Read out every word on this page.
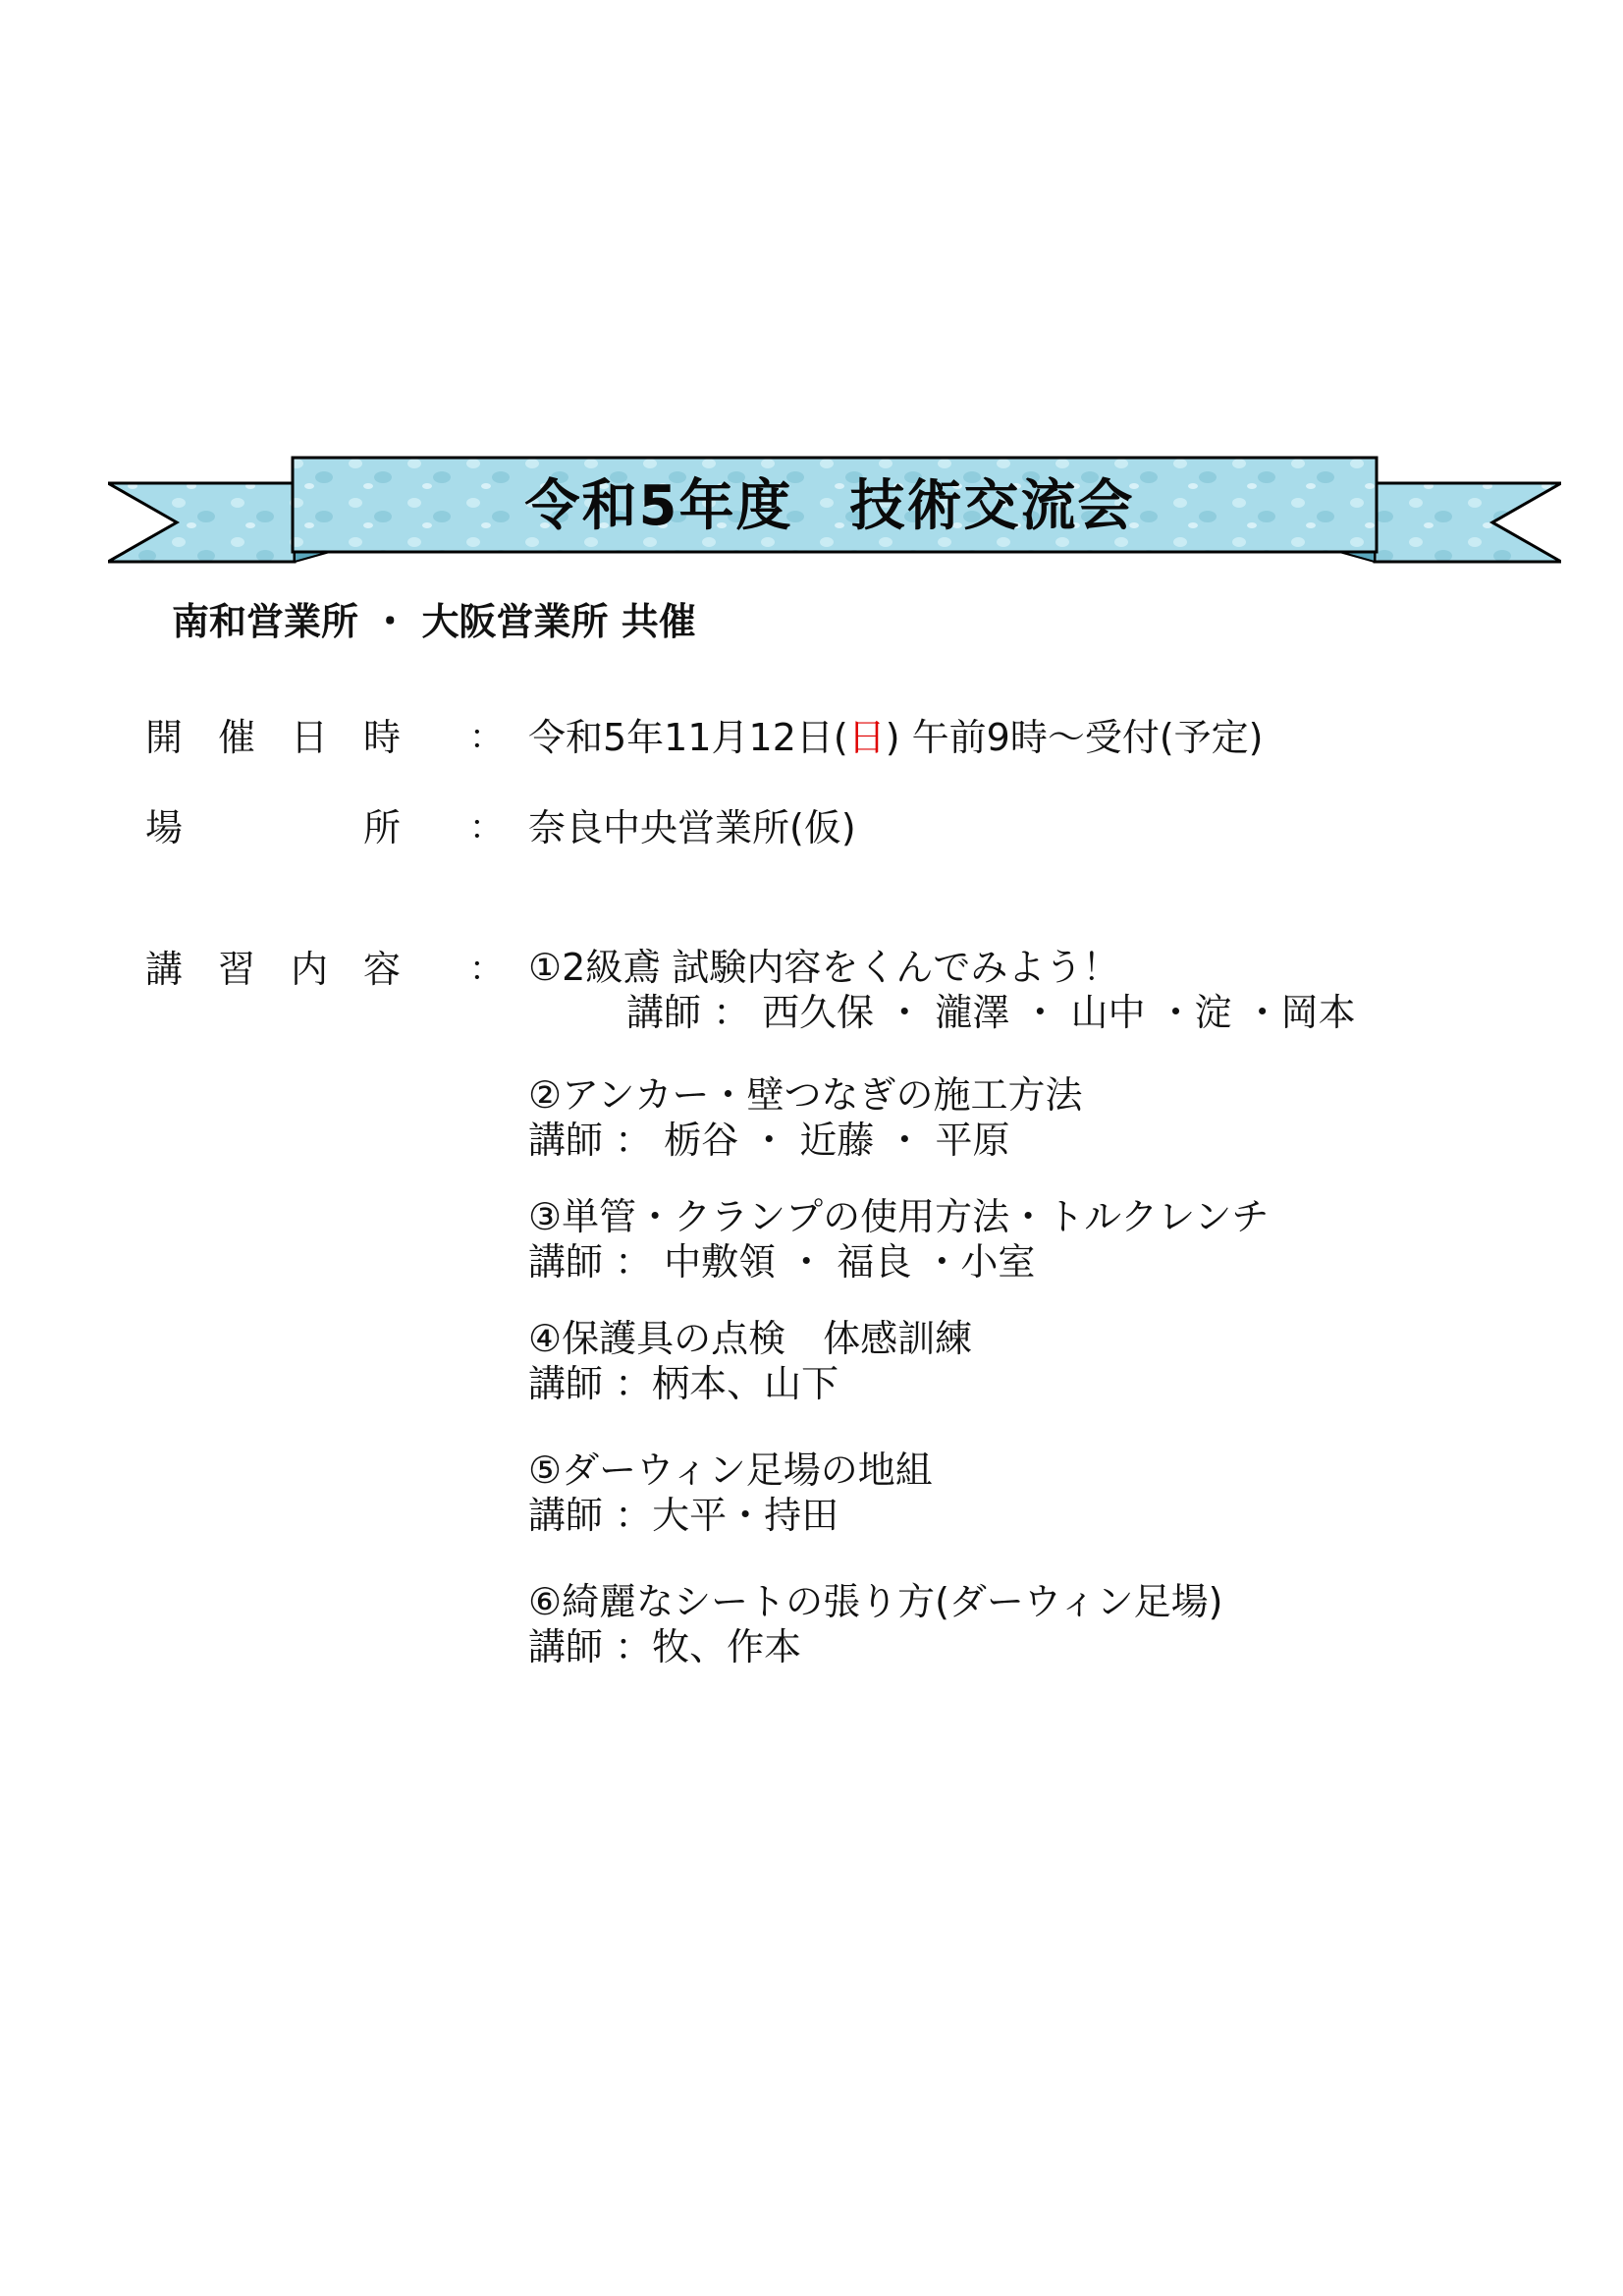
令和5年度　技術交流会
南和営業所 ・ 大阪営業所 共催
開 催 日 時 ： 令和5年11月12日(日) 午前9時～受付(予定)
場	所 ： 奈良中央営業所(仮)
講 習 内 容 ： ①2級鳶 試験内容をくんでみよう！
講師 ： 西久保 ・ 瀧澤 ・ 山中 ・淀 ・岡本
②アンカー・壁つなぎの施工方法
講師 ： 栃谷 ・ 近藤 ・ 平原
③単管・クランプの使用方法・トルクレンチ
講師 ： 中敷領 ・ 福良 ・小室
④保護具の点検　体感訓練
講師 ：柄本、山下
⑤ダーウィン足場の地組
講師 ：大平・持田
⑥綺麗なシートの張り方(ダーウィン足場)
講師 ：牧、作本
